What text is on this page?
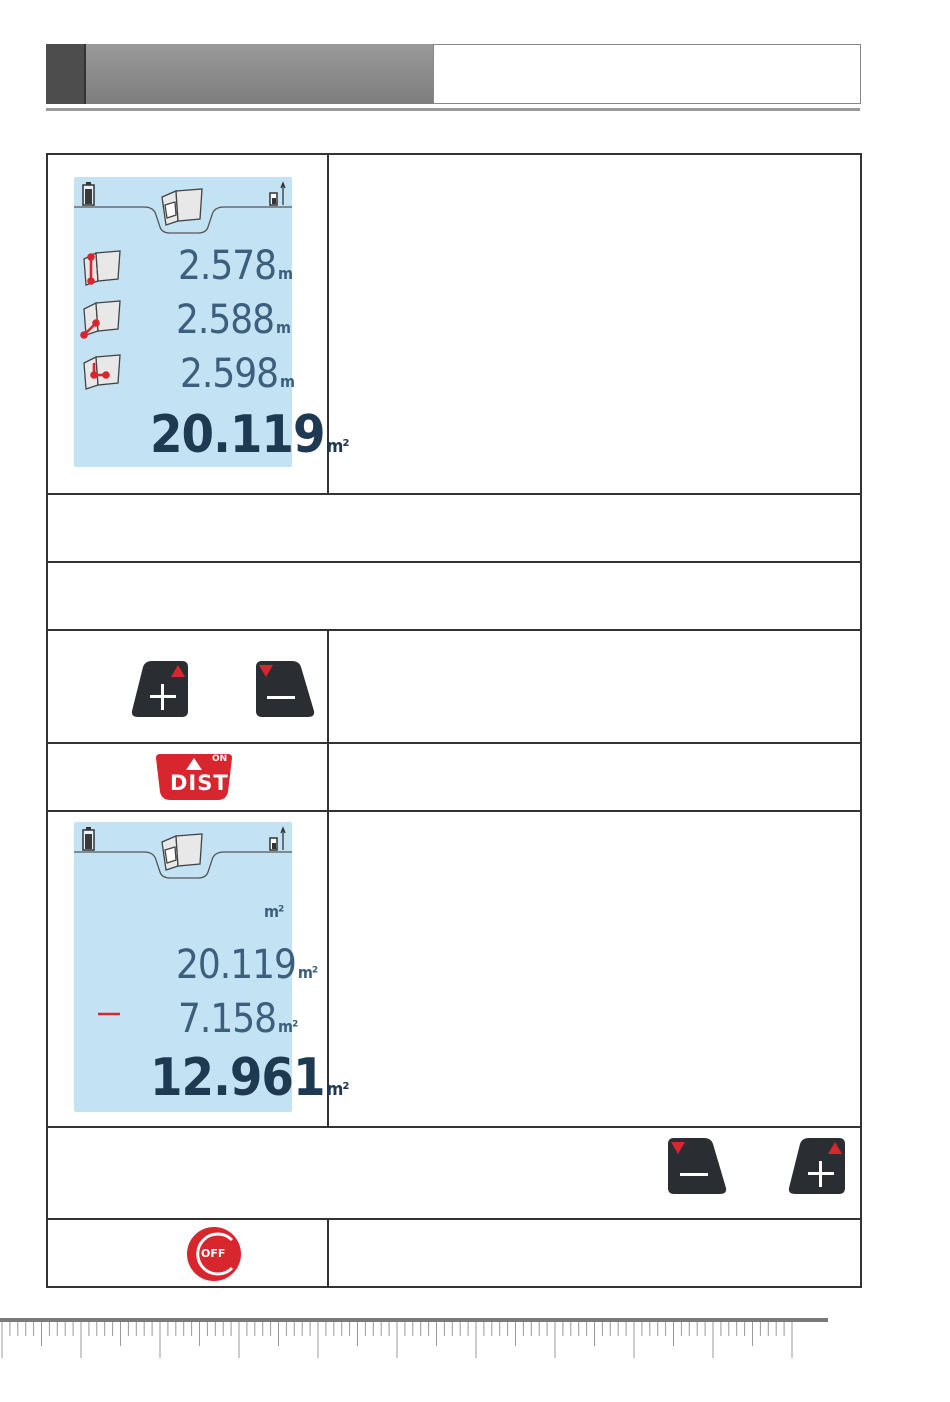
2.578 m
2.588 m
2.598 m
20.119 m²
ON
DIST
m²
20.119 m²
7.158 m²
12.961 m²
OFF
